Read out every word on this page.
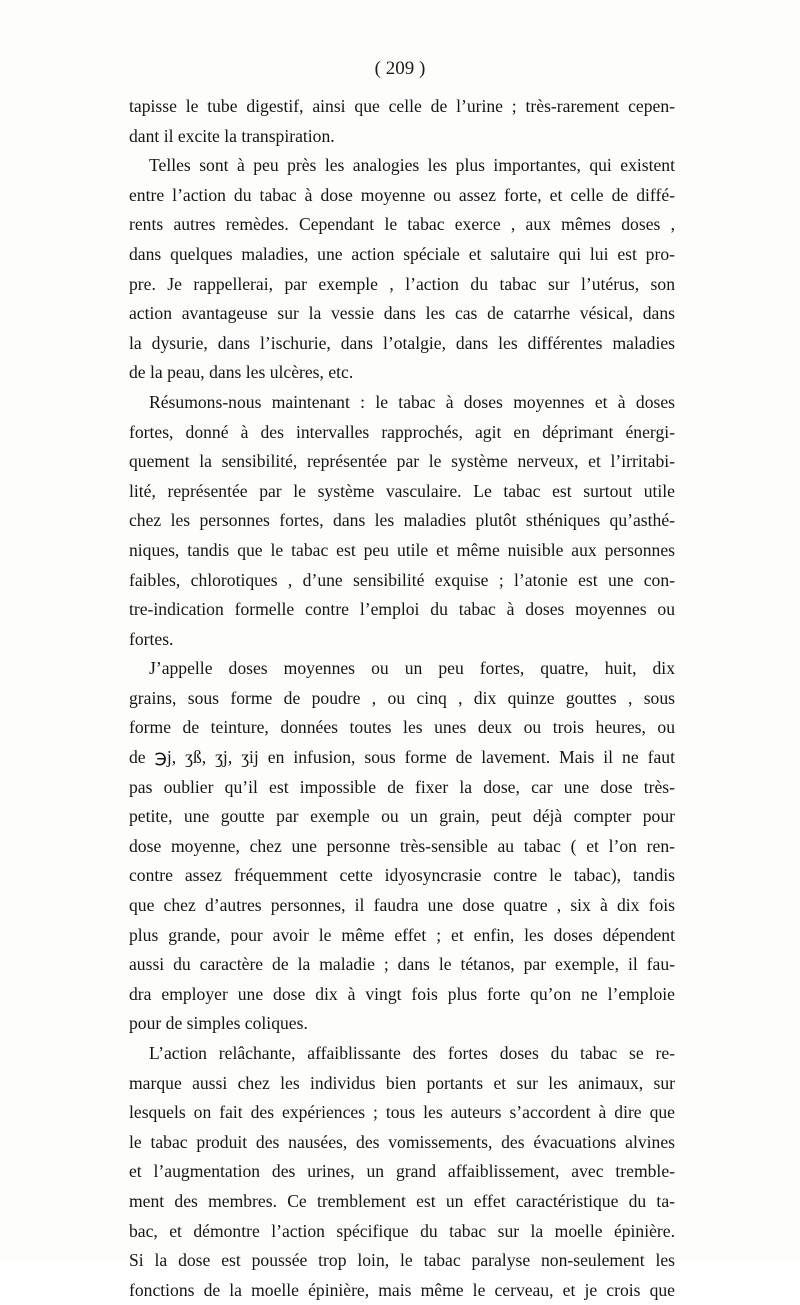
( 209 )
tapisse le tube digestif, ainsi que celle de l’urine ; très-rarement cepen-
dant il excite la transpiration.
Telles sont à peu près les analogies les plus importantes, qui existent
entre l’action du tabac à dose moyenne ou assez forte, et celle de diffé-
rents autres remèdes. Cependant le tabac exerce , aux mêmes doses ,
dans quelques maladies, une action spéciale et salutaire qui lui est pro-
pre. Je rappellerai, par exemple , l’action du tabac sur l’utérus, son
action avantageuse sur la vessie dans les cas de catarrhe vésical, dans
la dysurie, dans l’ischurie, dans l’otalgie, dans les différentes maladies
de la peau, dans les ulcères, etc.
Résumons-nous maintenant : le tabac à doses moyennes et à doses
fortes, donné à des intervalles rapprochés, agit en déprimant énergi-
quement la sensibilité, représentée par le système nerveux, et l’irritabi-
lité, représentée par le système vasculaire. Le tabac est surtout utile
chez les personnes fortes, dans les maladies plutôt sthéniques qu’asthé-
niques, tandis que le tabac est peu utile et même nuisible aux personnes
faibles, chlorotiques , d’une sensibilité exquise ; l’atonie est une con-
tre-indication formelle contre l’emploi du tabac à doses moyennes ou
fortes.
J’appelle doses moyennes ou un peu fortes, quatre, huit, dix
grains, sous forme de poudre , ou cinq , dix quinze gouttes , sous
forme de teinture, données toutes les unes deux ou trois heures, ou
de ℈j, ʒß, ʒj, ʒij en infusion, sous forme de lavement. Mais il ne faut
pas oublier qu’il est impossible de fixer la dose, car une dose très-
petite, une goutte par exemple ou un grain, peut déjà compter pour
dose moyenne, chez une personne très-sensible au tabac ( et l’on ren-
contre assez fréquemment cette idyosyncrasie contre le tabac), tandis
que chez d’autres personnes, il faudra une dose quatre , six à dix fois
plus grande, pour avoir le même effet ; et enfin, les doses dépendent
aussi du caractère de la maladie ; dans le tétanos, par exemple, il fau-
dra employer une dose dix à vingt fois plus forte qu’on ne l’emploie
pour de simples coliques.
L’action relâchante, affaiblissante des fortes doses du tabac se re-
marque aussi chez les individus bien portants et sur les animaux, sur
lesquels on fait des expériences ; tous les auteurs s’accordent à dire que
le tabac produit des nausées, des vomissements, des évacuations alvines
et l’augmentation des urines, un grand affaiblissement, avec tremble-
ment des membres. Ce tremblement est un effet caractéristique du ta-
bac, et démontre l’action spécifique du tabac sur la moelle épinière.
Si la dose est poussée trop loin, le tabac paralyse non-seulement les
fonctions de la moelle épinière, mais même le cerveau, et je crois que
